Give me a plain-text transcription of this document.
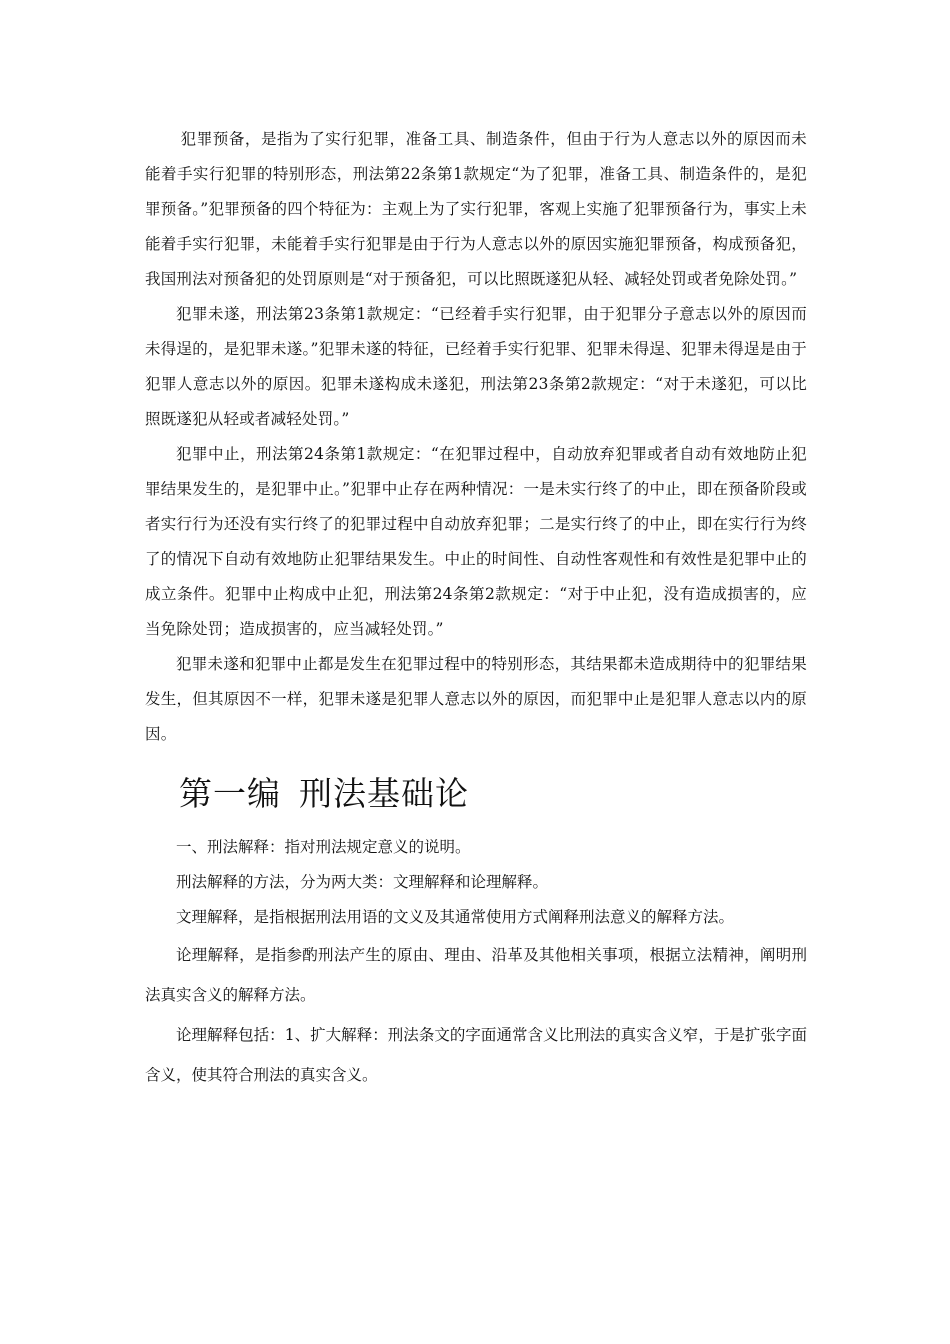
犯罪预备，是指为了实行犯罪，准备工具、制造条件，但由于行为人意志以外的原因而未能着手实行犯罪的特别形态，刑法第22条第1款规定“为了犯罪，准备工具、制造条件的，是犯罪预备。”犯罪预备的四个特征为：主观上为了实行犯罪，客观上实施了犯罪预备行为，事实上未能着手实行犯罪，未能着手实行犯罪是由于行为人意志以外的原因实施犯罪预备，构成预备犯，我国刑法对预备犯的处罚原则是“对于预备犯，可以比照既遂犯从轻、减轻处罚或者免除处罚。”

犯罪未遂，刑法第23条第1款规定：“已经着手实行犯罪，由于犯罪分子意志以外的原因而未得逞的，是犯罪未遂。”犯罪未遂的特征，已经着手实行犯罪、犯罪未得逞、犯罪未得逞是由于犯罪人意志以外的原因。犯罪未遂构成未遂犯，刑法第23条第2款规定：“对于未遂犯，可以比照既遂犯从轻或者减轻处罚。”

犯罪中止，刑法第24条第1款规定：“在犯罪过程中，自动放弃犯罪或者自动有效地防止犯罪结果发生的，是犯罪中止。”犯罪中止存在两种情况：一是未实行终了的中止，即在预备阶段或者实行行为还没有实行终了的犯罪过程中自动放弃犯罪；二是实行终了的中止，即在实行行为终了的情况下自动有效地防止犯罪结果发生。中止的时间性、自动性客观性和有效性是犯罪中止的成立条件。犯罪中止构成中止犯，刑法第24条第2款规定：“对于中止犯，没有造成损害的，应当免除处罚；造成损害的，应当减轻处罚。”

犯罪未遂和犯罪中止都是发生在犯罪过程中的特别形态，其结果都未造成期待中的犯罪结果发生，但其原因不一样，犯罪未遂是犯罪人意志以外的原因，而犯罪中止是犯罪人意志以内的原因。

第一编 刑法基础论

一、刑法解释：指对刑法规定意义的说明。

刑法解释的方法，分为两大类：文理解释和论理解释。

文理解释，是指根据刑法用语的文义及其通常使用方式阐释刑法意义的解释方法。

论理解释，是指参酌刑法产生的原由、理由、沿革及其他相关事项，根据立法精神，阐明刑法真实含义的解释方法。

论理解释包括：1、扩大解释：刑法条文的字面通常含义比刑法的真实含义窄，于是扩张字面含义，使其符合刑法的真实含义。
